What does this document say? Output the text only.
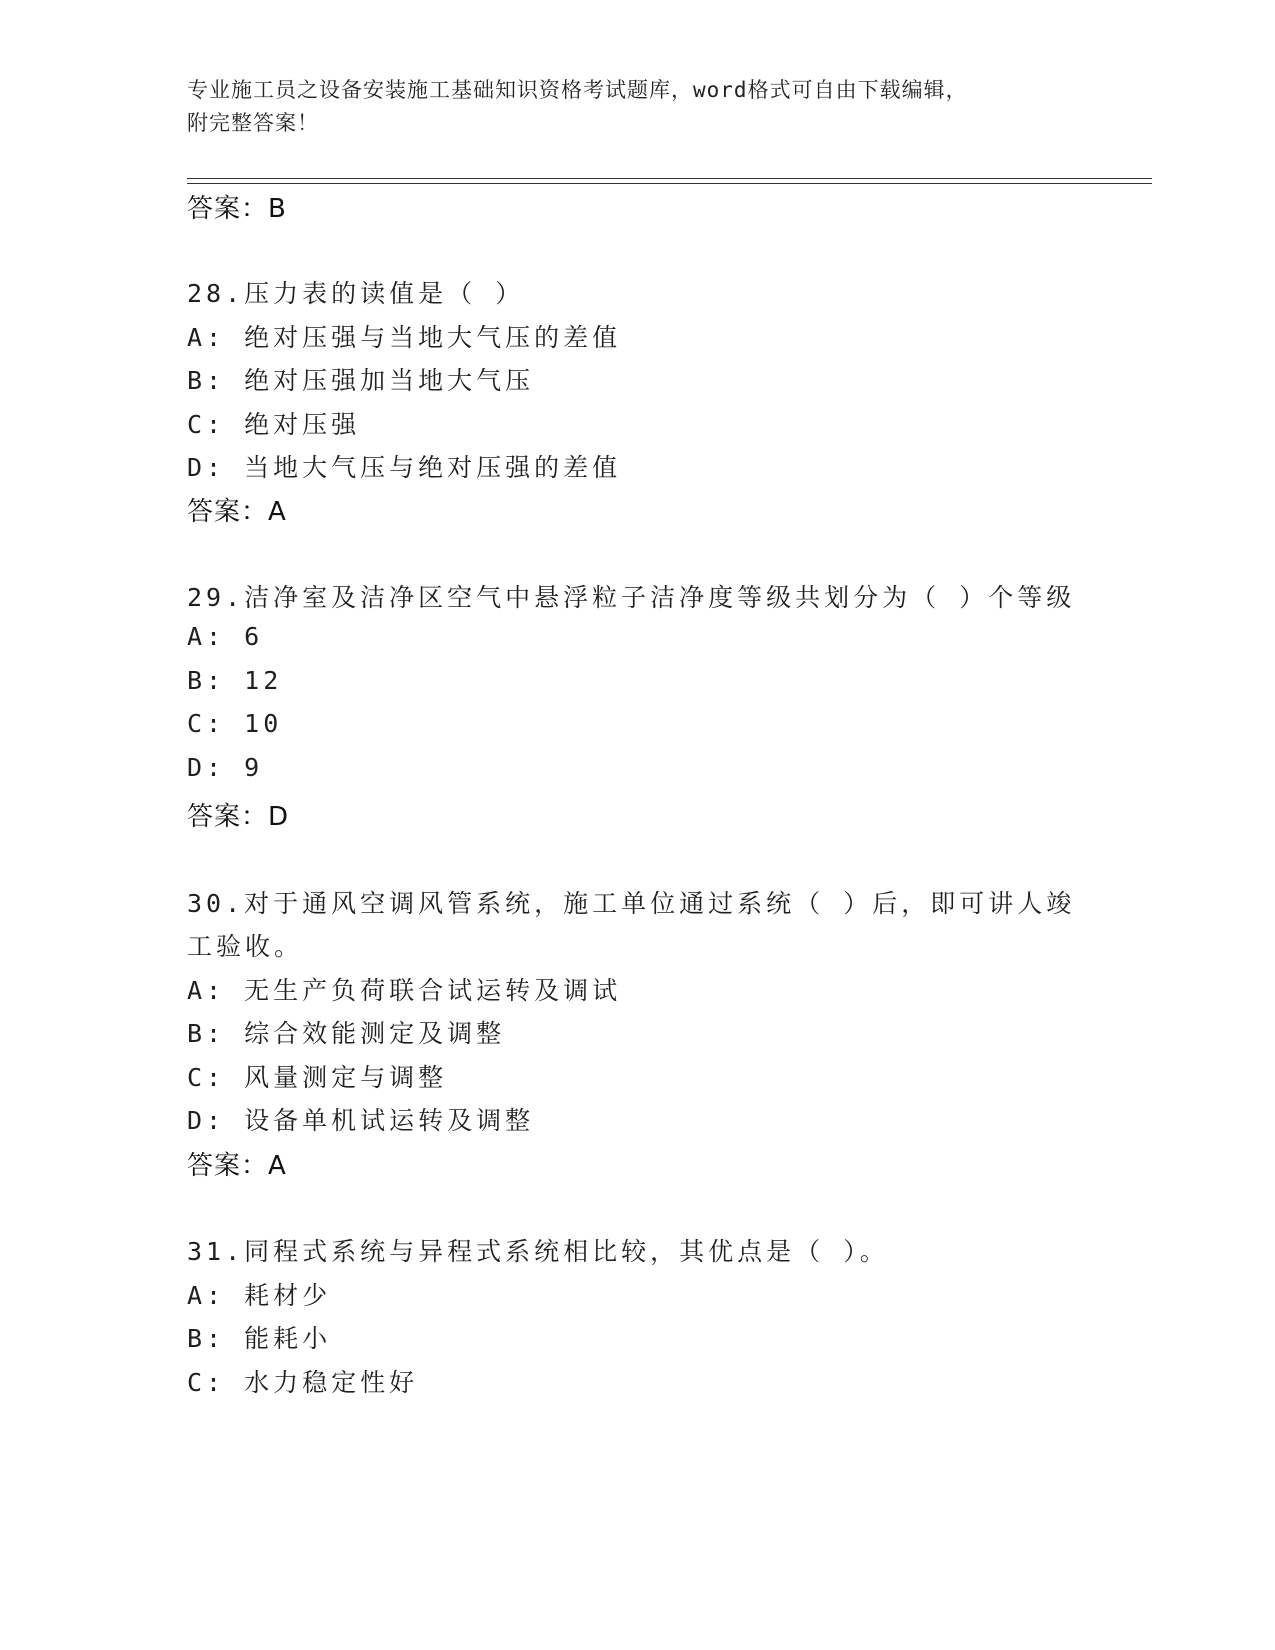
专业施工员之设备安装施工基础知识资格考试题库，word格式可自由下载编辑，
附完整答案！
答案：B
28.压力表的读值是（ ）
A: 绝对压强与当地大气压的差值
B: 绝对压强加当地大气压
C: 绝对压强
D: 当地大气压与绝对压强的差值
答案：A
29.洁净室及洁净区空气中悬浮粒子洁净度等级共划分为（ ）个等级
A: 6
B: 12
C: 10
D: 9
答案：D
30.对于通风空调风管系统，施工单位通过系统（ ）后，即可讲人竣
工验收。
A: 无生产负荷联合试运转及调试
B: 综合效能测定及调整
C: 风量测定与调整
D: 设备单机试运转及调整
答案：A
31.同程式系统与异程式系统相比较，其优点是（ ）。
A: 耗材少
B: 能耗小
C: 水力稳定性好
